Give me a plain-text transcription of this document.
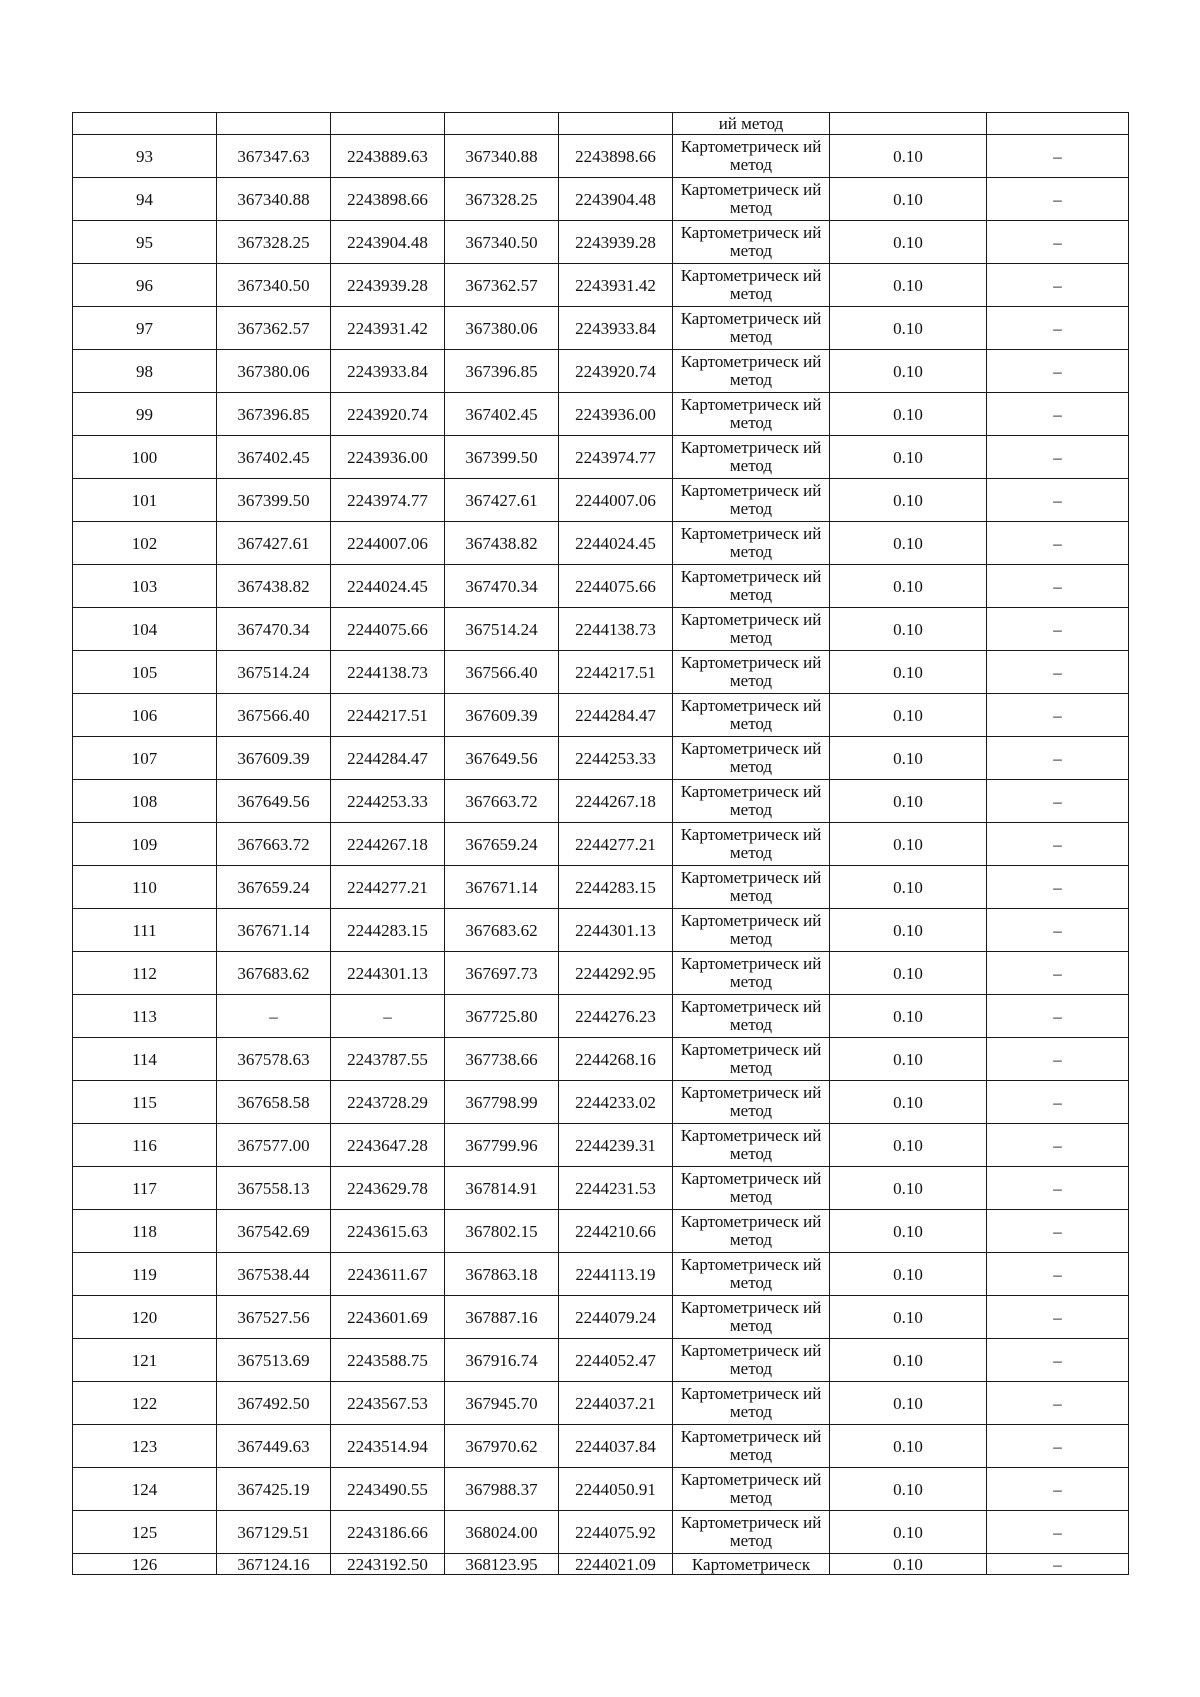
					ий метод		
93	367347.63	2243889.63	367340.88	2243898.66	Картометрическ ий метод	0.10	–
94	367340.88	2243898.66	367328.25	2243904.48	Картометрическ ий метод	0.10	–
95	367328.25	2243904.48	367340.50	2243939.28	Картометрическ ий метод	0.10	–
96	367340.50	2243939.28	367362.57	2243931.42	Картометрическ ий метод	0.10	–
97	367362.57	2243931.42	367380.06	2243933.84	Картометрическ ий метод	0.10	–
98	367380.06	2243933.84	367396.85	2243920.74	Картометрическ ий метод	0.10	–
99	367396.85	2243920.74	367402.45	2243936.00	Картометрическ ий метод	0.10	–
100	367402.45	2243936.00	367399.50	2243974.77	Картометрическ ий метод	0.10	–
101	367399.50	2243974.77	367427.61	2244007.06	Картометрическ ий метод	0.10	–
102	367427.61	2244007.06	367438.82	2244024.45	Картометрическ ий метод	0.10	–
103	367438.82	2244024.45	367470.34	2244075.66	Картометрическ ий метод	0.10	–
104	367470.34	2244075.66	367514.24	2244138.73	Картометрическ ий метод	0.10	–
105	367514.24	2244138.73	367566.40	2244217.51	Картометрическ ий метод	0.10	–
106	367566.40	2244217.51	367609.39	2244284.47	Картометрическ ий метод	0.10	–
107	367609.39	2244284.47	367649.56	2244253.33	Картометрическ ий метод	0.10	–
108	367649.56	2244253.33	367663.72	2244267.18	Картометрическ ий метод	0.10	–
109	367663.72	2244267.18	367659.24	2244277.21	Картометрическ ий метод	0.10	–
110	367659.24	2244277.21	367671.14	2244283.15	Картометрическ ий метод	0.10	–
111	367671.14	2244283.15	367683.62	2244301.13	Картометрическ ий метод	0.10	–
112	367683.62	2244301.13	367697.73	2244292.95	Картометрическ ий метод	0.10	–
113	–	–	367725.80	2244276.23	Картометрическ ий метод	0.10	–
114	367578.63	2243787.55	367738.66	2244268.16	Картометрическ ий метод	0.10	–
115	367658.58	2243728.29	367798.99	2244233.02	Картометрическ ий метод	0.10	–
116	367577.00	2243647.28	367799.96	2244239.31	Картометрическ ий метод	0.10	–
117	367558.13	2243629.78	367814.91	2244231.53	Картометрическ ий метод	0.10	–
118	367542.69	2243615.63	367802.15	2244210.66	Картометрическ ий метод	0.10	–
119	367538.44	2243611.67	367863.18	2244113.19	Картометрическ ий метод	0.10	–
120	367527.56	2243601.69	367887.16	2244079.24	Картометрическ ий метод	0.10	–
121	367513.69	2243588.75	367916.74	2244052.47	Картометрическ ий метод	0.10	–
122	367492.50	2243567.53	367945.70	2244037.21	Картометрическ ий метод	0.10	–
123	367449.63	2243514.94	367970.62	2244037.84	Картометрическ ий метод	0.10	–
124	367425.19	2243490.55	367988.37	2244050.91	Картометрическ ий метод	0.10	–
125	367129.51	2243186.66	368024.00	2244075.92	Картометрическ ий метод	0.10	–
126	367124.16	2243192.50	368123.95	2244021.09	Картометрическ	0.10	–
